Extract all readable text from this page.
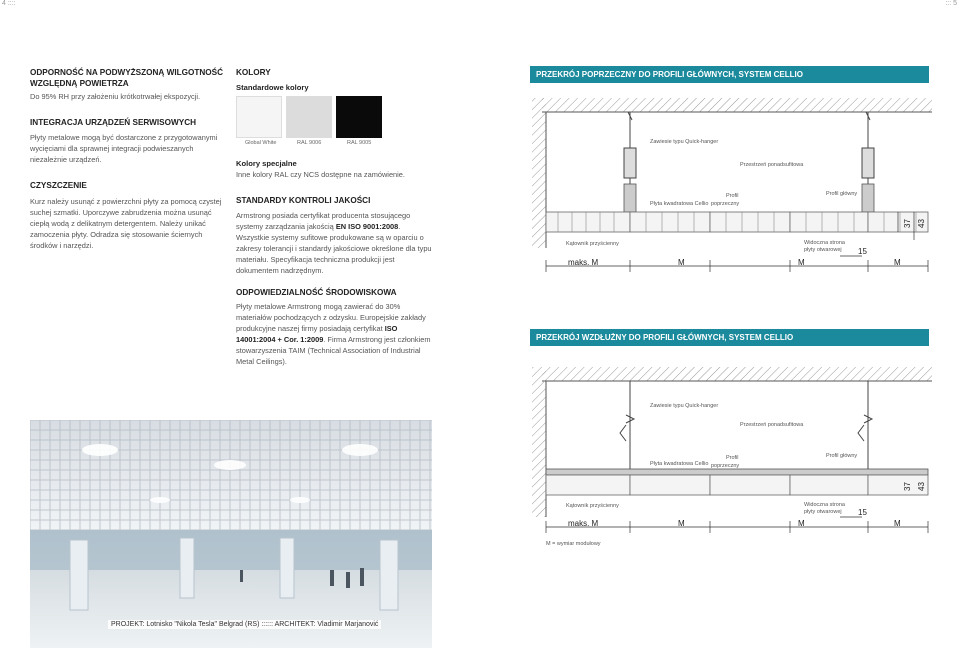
4 ::::	::: 5
ODPORNOŚĆ NA PODWYŻSZONĄ WILGOTNOŚĆ WZGLĘDNĄ POWIETRZA
Do 95% RH przy założeniu krótkotrwałej ekspozycji.
INTEGRACJA URZĄDZEŃ SERWISOWYCH
Płyty metalowe mogą być dostarczone z przygotowanymi wycięciami dla sprawnej integracji podwieszanych niezależnie urządzeń.
CZYSZCZENIE
Kurz należy usunąć z powierzchni płyty za pomocą czystej suchej szmatki. Uporczywe zabrudzenia można usunąć ciepłą wodą z delikatnym detergentem. Należy unikać zamoczenia płyty. Odradza się stosowanie ściernych środków i narzędzi.
KOLORY
Standardowe kolory
Global White	RAL 9006	RAL 9005
Kolory specjalne
Inne kolory RAL czy NCS dostępne na zamówienie.
STANDARDY KONTROLI JAKOŚCI
Armstrong posiada certyfikat producenta stosującego systemy zarządzania jakością EN ISO 9001:2008. Wszystkie systemy sufitowe produkowane są w oparciu o zakresy tolerancji i standardy jakościowe określone dla typu materiału. Specyfikacja techniczna produkcji jest dokumentem nadrzędnym.
ODPOWIEDZIALNOŚĆ ŚRODOWISKOWA
Płyty metalowe Armstrong mogą zawierać do 30% materiałów pochodzących z odzysku. Europejskie zakłady produkcyjne naszej firmy posiadają certyfikat ISO 14001:2004 + Cor. 1:2009. Firma Armstrong jest członkiem stowarzyszenia TAIM (Technical Association of Industrial Metal Ceilings).
PRZEKRÓJ POPRZECZNY DO PROFILI GŁÓWNYCH, SYSTEM CELLIO
PRZEKRÓJ WZDŁUŻNY DO PROFILI GŁÓWNYCH, SYSTEM CELLIO
Zawiesie typu Quick-hanger
Przestrzeń ponadsufitowa
Profil główny
Profil
poprzeczny
Płyta kwadratowa Cellio
Kątownik przyścienny	Widoczna strona
płyty otwarowej 15
37 43
maks. M	M	M	M
Zawiesie typu Quick-hanger
Przestrzeń ponadsufitowa
Profil główny
Profil
poprzeczny
Płyta kwadratowa Cellio
Kątownik przyścienny	Widoczna strona
płyty otwarowej 15
37 43
maks. M	M	M	M
M = wymiar modułowy
PROJEKT: Lotnisko "Nikola Tesla" Belgrad (RS) :::::: ARCHITEKT: Vladimir Marjanović
